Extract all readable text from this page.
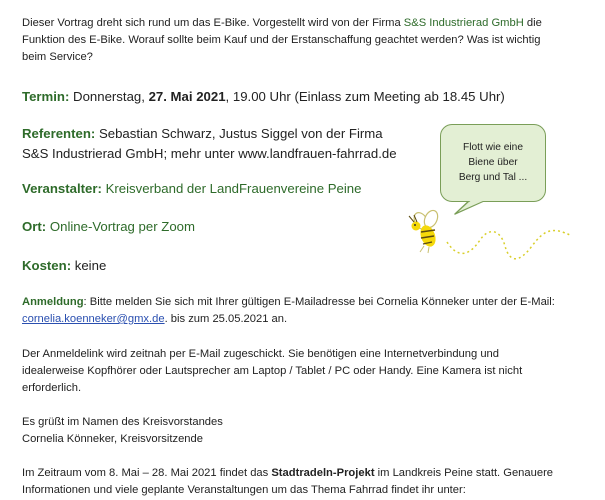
Dieser Vortrag dreht sich rund um das E-Bike. Vorgestellt wird von der Firma S&S Industrierad GmbH die
Funktion des E-Bike. Worauf sollte beim Kauf und der Erstanschaffung geachtet werden? Was ist wichtig
beim Service?
Termin: Donnerstag, 27. Mai 2021, 19.00 Uhr (Einlass zum Meeting ab 18.45 Uhr)
Referenten: Sebastian Schwarz, Justus Siggel von der Firma
S&S Industrierad GmbH; mehr unter www.landfrauen-fahrrad.de
Veranstalter: Kreisverband der LandFrauenvereine Peine
Ort: Online-Vortrag per Zoom
Kosten: keine
Anmeldung: Bitte melden Sie sich mit Ihrer gültigen E-Mailadresse bei Cornelia Könneker unter der E-Mail:
cornelia.koenneker@gmx.de. bis zum 25.05.2021 an.
Der Anmeldelink wird zeitnah per E-Mail zugeschickt. Sie benötigen eine Internetverbindung und
idealerweise Kopfhörer oder Lautsprecher am Laptop / Tablet / PC oder Handy. Eine Kamera ist nicht
erforderlich.
Es grüßt im Namen des Kreisvorstandes
Cornelia Könneker, Kreisvorsitzende
Im Zeitraum vom 8. Mai – 28. Mai 2021 findet das Stadtradeln-Projekt im Landkreis Peine statt. Genauere
Informationen und viele geplante Veranstaltungen um das Thema Fahrrad findet ihr unter:
Flott wie eine
Biene über
Berg und Tal ...
